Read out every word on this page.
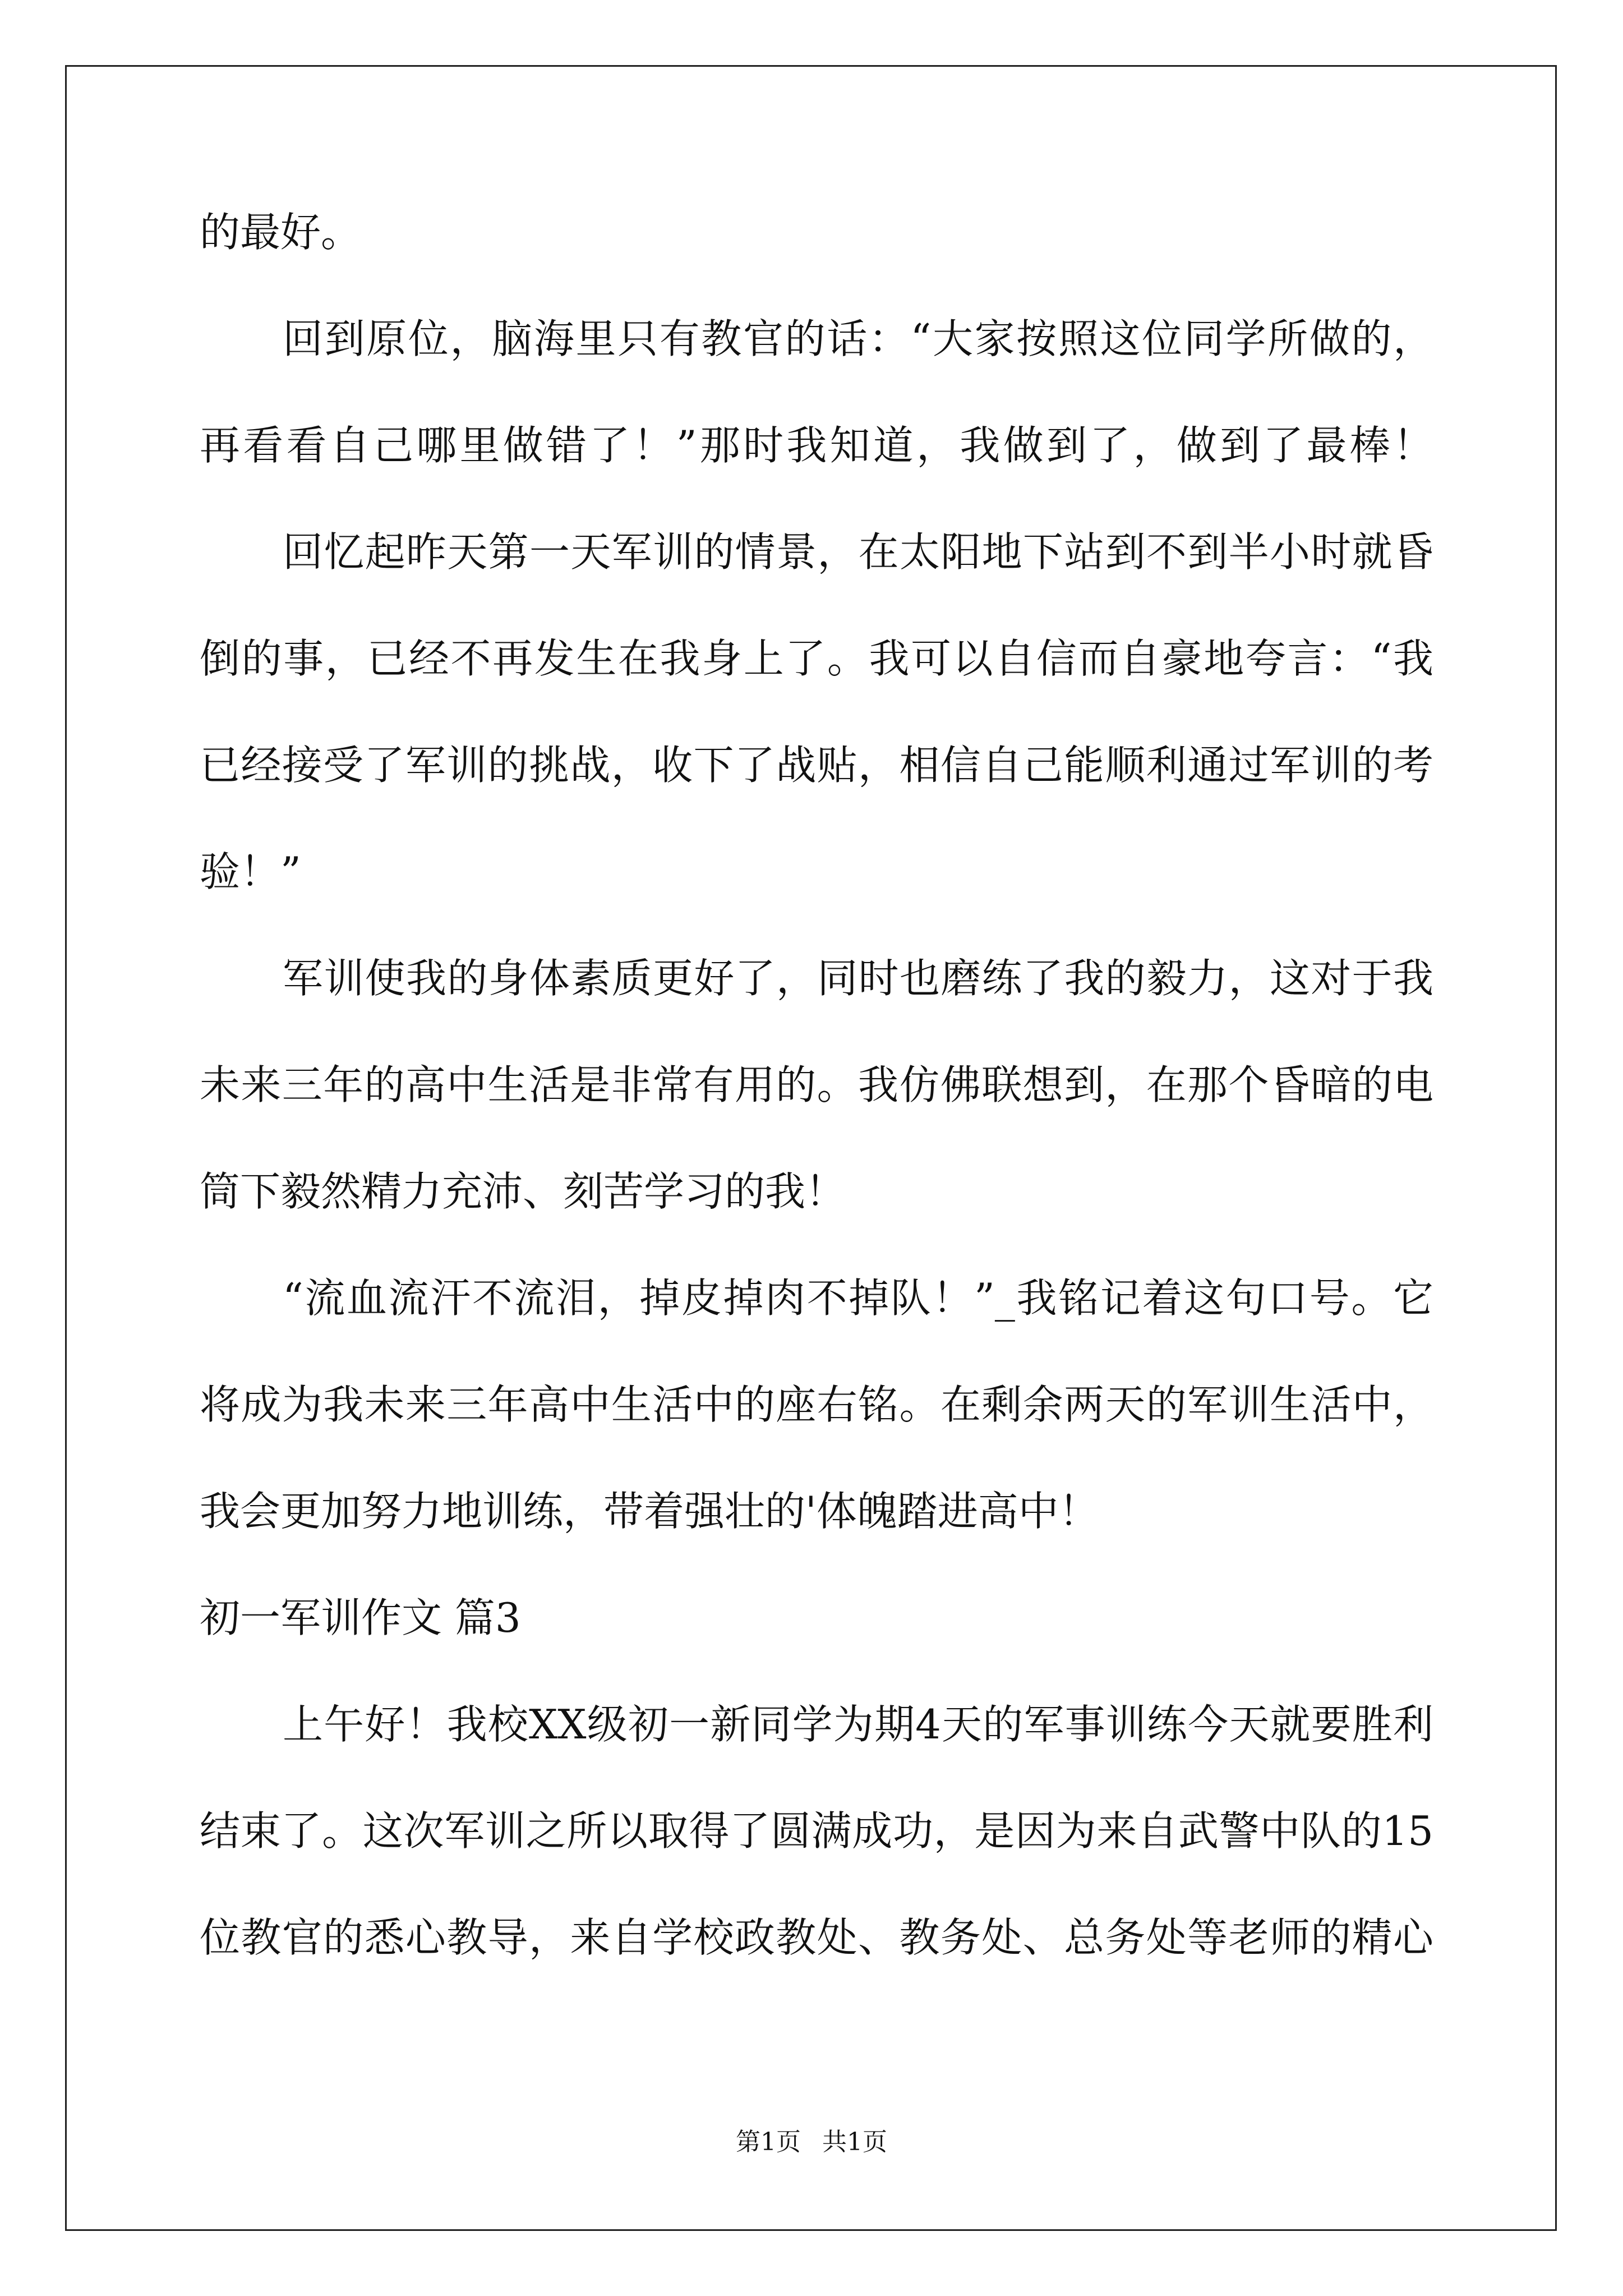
的最好。
回到原位，脑海里只有教官的话：“大家按照这位同学所做的，
再看看自己哪里做错了！”那时我知道，我做到了，做到了最棒！
回忆起昨天第一天军训的情景，在太阳地下站到不到半小时就昏
倒的事，已经不再发生在我身上了。我可以自信而自豪地夸言：“我
已经接受了军训的挑战，收下了战贴，相信自己能顺利通过军训的考
验！”
军训使我的身体素质更好了，同时也磨练了我的毅力，这对于我
未来三年的高中生活是非常有用的。我仿佛联想到，在那个昏暗的电
筒下毅然精力充沛、刻苦学习的我！
“流血流汗不流泪，掉皮掉肉不掉队！”_我铭记着这句口号。它
将成为我未来三年高中生活中的座右铭。在剩余两天的军训生活中，
我会更加努力地训练，带着强壮的'体魄踏进高中！
初一军训作文 篇3
上午好！我校XX级初一新同学为期4天的军事训练今天就要胜利
结束了。这次军训之所以取得了圆满成功，是因为来自武警中队的15
位教官的悉心教导，来自学校政教处、教务处、总务处等老师的精心
第1页 共1页
